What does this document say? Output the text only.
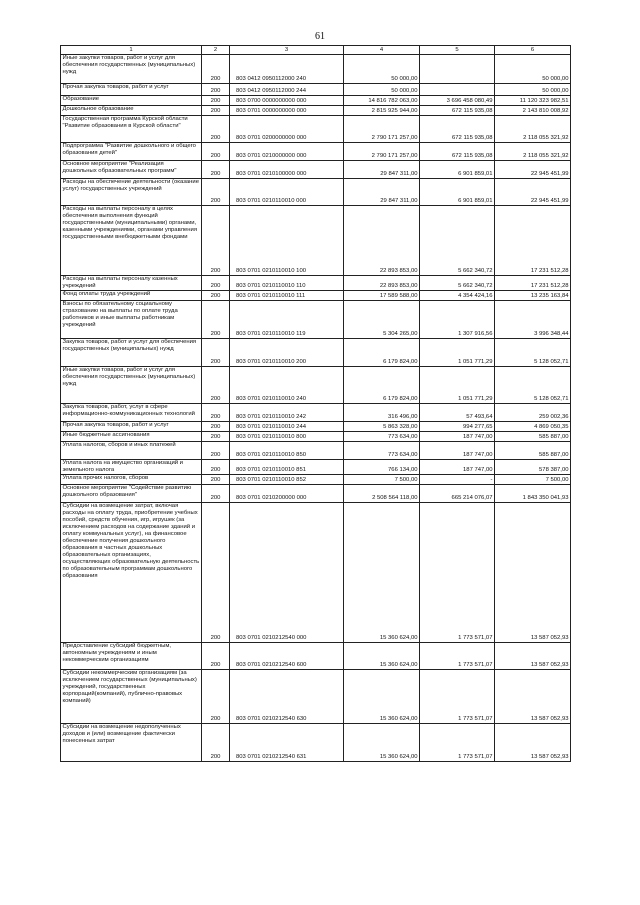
61
1	2	3	4	5	6
Иные закупки товаров, работ и услуг для обеспечения государственных (муниципальных) нужд	200	803 0412 0950112000 240	50 000,00		50 000,00
Прочая закупка товаров, работ и услуг	200	803 0412 0950112000 244	50 000,00		50 000,00
Образование	200	803 0700 0000000000 000	14 816 782 063,00	3 696 458 080,49	11 120 323 982,51
Дошкольное образование	200	803 0701 0000000000 000	2 815 925 944,00	672 115 935,08	2 143 810 008,92
Государственная программа Курской области "Развитие образования в Курской области"	200	803 0701 0200000000 000	2 790 171 257,00	672 115 935,08	2 118 055 321,92
Подпрограмма "Развитие дошкольного и общего образования детей"	200	803 0701 0210000000 000	2 790 171 257,00	672 115 935,08	2 118 055 321,92
Основное мероприятие "Реализация дошкольных образовательных программ"	200	803 0701 0210100000 000	29 847 311,00	6 901 859,01	22 945 451,99
Расходы на обеспечение деятельности (оказание услуг) государственных учреждений	200	803 0701 0210110010 000	29 847 311,00	6 901 859,01	22 945 451,99
Расходы на выплаты персоналу в целях обеспечения выполнения функций государственными (муниципальными) органами, казенными учреждениями, органами управления государственными внебюджетными фондами	200	803 0701 0210110010 100	22 893 853,00	5 662 340,72	17 231 512,28
Расходы на выплаты персоналу казенных учреждений	200	803 0701 0210110010 110	22 893 853,00	5 662 340,72	17 231 512,28
Фонд оплаты труда учреждений	200	803 0701 0210110010 111	17 589 588,00	4 354 424,16	13 235 163,84
Взносы по обязательному социальному страхованию на выплаты по оплате труда работников и иные выплаты работникам учреждений	200	803 0701 0210110010 119	5 304 265,00	1 307 916,56	3 996 348,44
Закупка товаров, работ и услуг для обеспечения государственных (муниципальных) нужд	200	803 0701 0210110010 200	6 179 824,00	1 051 771,29	5 128 052,71
Иные закупки товаров, работ и услуг для обеспечения государственных (муниципальных) нужд	200	803 0701 0210110010 240	6 179 824,00	1 051 771,29	5 128 052,71
Закупка товаров, работ, услуг в сфере информационно-коммуникационных технологий	200	803 0701 0210110010 242	316 496,00	57 493,64	259 002,36
Прочая закупка товаров, работ и услуг	200	803 0701 0210110010 244	5 863 328,00	994 277,65	4 869 050,35
Иные бюджетные ассигнования	200	803 0701 0210110010 800	773 634,00	187 747,00	585 887,00
Уплата налогов, сборов и иных платежей	200	803 0701 0210110010 850	773 634,00	187 747,00	585 887,00
Уплата налога на имущество организаций и земельного налога	200	803 0701 0210110010 851	766 134,00	187 747,00	578 387,00
Уплата прочих налогов, сборов	200	803 0701 0210110010 852	7 500,00	-	7 500,00
Основное мероприятие "Содействие развитию дошкольного образования"	200	803 0701 0210200000 000	2 508 564 118,00	665 214 076,07	1 843 350 041,93
Субсидии на возмещение затрат, включая расходы на оплату труда, приобретение учебных пособий, средств обучения, игр, игрушек (за исключением расходов на содержание зданий и оплату коммунальных услуг), на финансовое обеспечение получения дошкольного образования в частных дошкольных образовательных организациях, осуществляющих образовательную деятельность по образовательным программам дошкольного образования	200	803 0701 0210212540 000	15 360 624,00	1 773 571,07	13 587 052,93
Предоставление субсидий бюджетным, автономным учреждениям и иным некоммерческим организациям	200	803 0701 0210212540 600	15 360 624,00	1 773 571,07	13 587 052,93
Субсидии некоммерческим организациям (за исключением государственных (муниципальных) учреждений, государственных корпораций(компаний), публично-правовых компаний)	200	803 0701 0210212540 630	15 360 624,00	1 773 571,07	13 587 052,93
Субсидии на возмещение недополученных доходов и (или) возмещение фактически понесенных затрат	200	803 0701 0210212540 631	15 360 624,00	1 773 571,07	13 587 052,93
